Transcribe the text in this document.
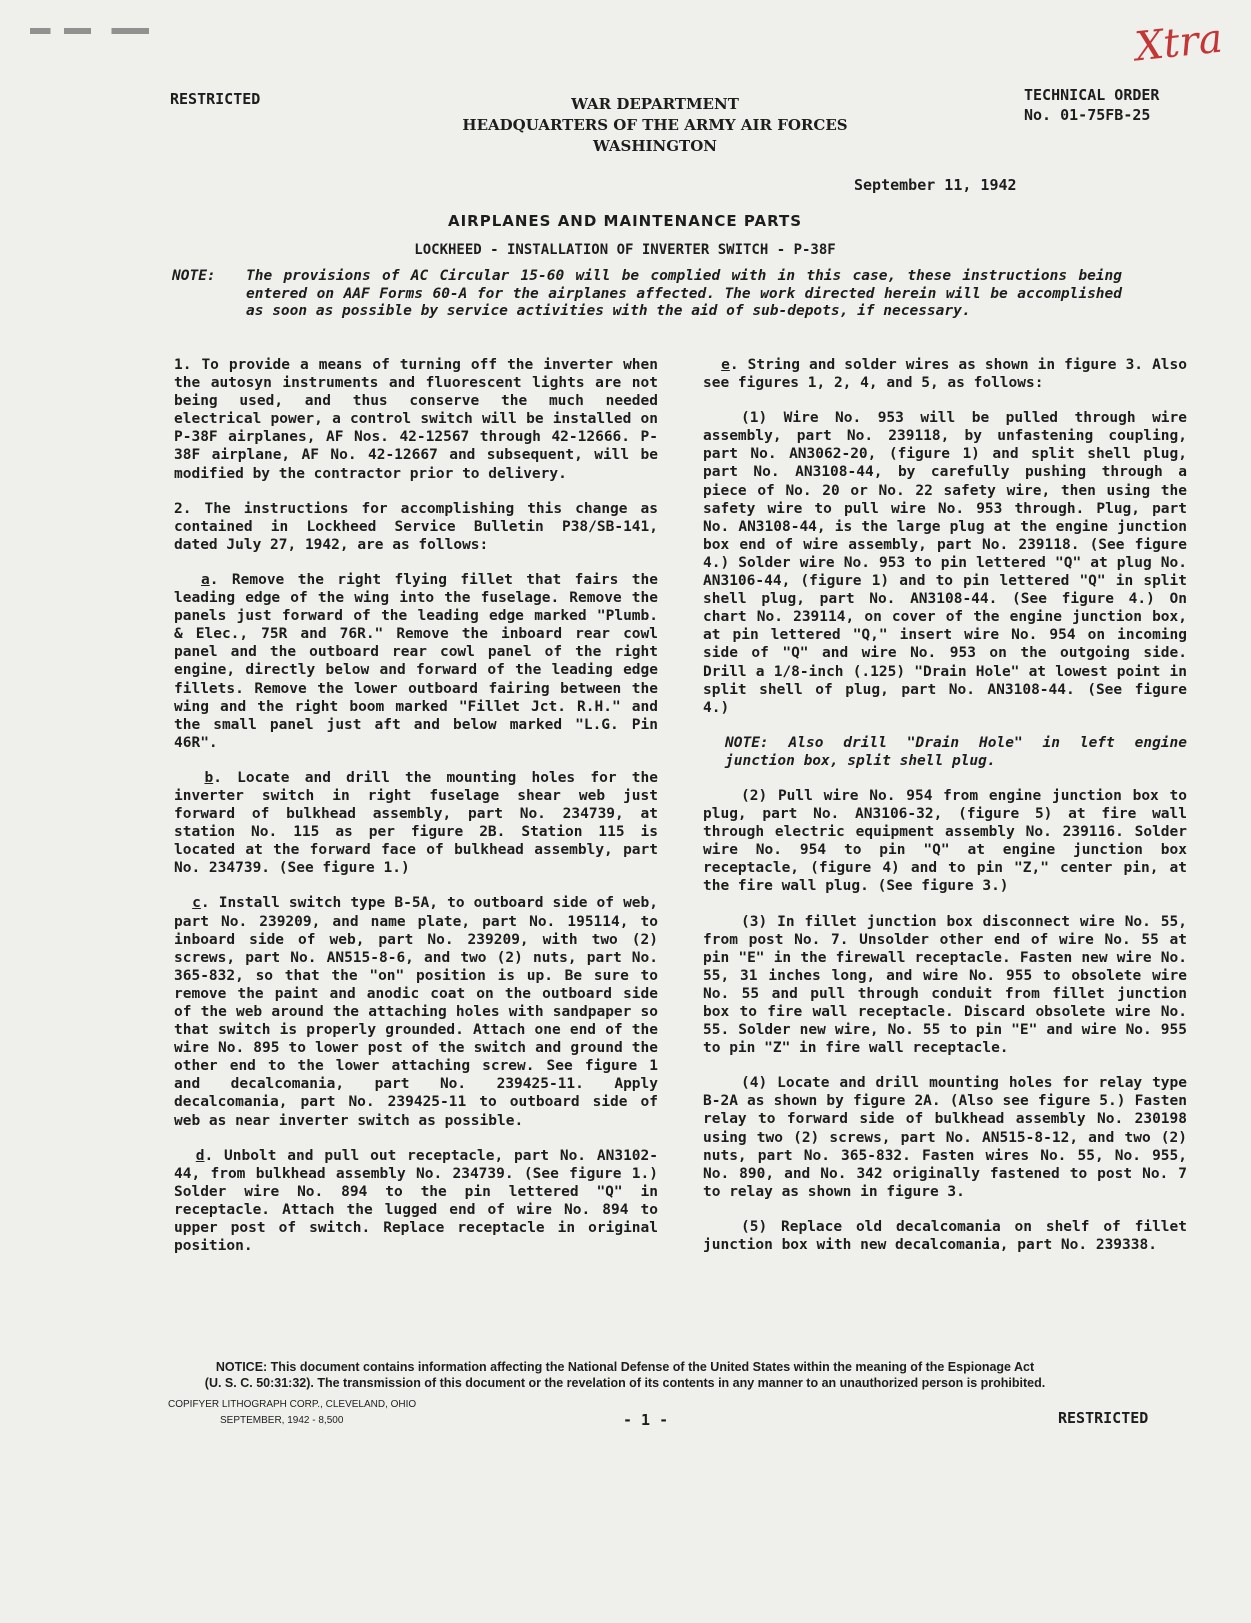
RESTRICTED	WAR DEPARTMENT
HEADQUARTERS OF THE ARMY AIR FORCES
WASHINGTON
TECHNICAL ORDER
No. 01-75FB-25
Xtra
September 11, 1942
AIRPLANES AND MAINTENANCE PARTS
LOCKHEED - INSTALLATION OF INVERTER SWITCH - P-38F
NOTE: The provisions of AC Circular 15-60 will be complied with in this case, these instructions being entered on AAF Forms 60-A for the airplanes affected. The work directed herein will be accomplished as soon as possible by service activities with the aid of sub-depots, if necessary.

1. To provide a means of turning off the inverter when the autosyn instruments and fluorescent lights are not being used, and thus conserve the much needed electrical power, a control switch will be installed on P-38F airplanes, AF Nos. 42-12567 through 42-12666. P-38F airplane, AF No. 42-12667 and subsequent, will be modified by the contractor prior to delivery.

2. The instructions for accomplishing this change as contained in Lockheed Service Bulletin P38/SB-141, dated July 27, 1942, are as follows:

a. Remove the right flying fillet that fairs the leading edge of the wing into the fuselage. Remove the panels just forward of the leading edge marked "Plumb. & Elec., 75R and 76R." Remove the inboard rear cowl panel and the outboard rear cowl panel of the right engine, directly below and forward of the leading edge fillets. Remove the lower outboard fairing between the wing and the right boom marked "Fillet Jct. R.H." and the small panel just aft and below marked "L.G. Pin 46R".

b. Locate and drill the mounting holes for the inverter switch in right fuselage shear web just forward of bulkhead assembly, part No. 234739, at station No. 115 as per figure 2B. Station 115 is located at the forward face of bulkhead assembly, part No. 234739. (See figure 1.)

c. Install switch type B-5A, to outboard side of web, part No. 239209, and name plate, part No. 195114, to inboard side of web, part No. 239209, with two (2) screws, part No. AN515-8-6, and two (2) nuts, part No. 365-832, so that the "on" position is up. Be sure to remove the paint and anodic coat on the outboard side of the web around the attaching holes with sandpaper so that switch is properly grounded. Attach one end of the wire No. 895 to lower post of the switch and ground the other end to the lower attaching screw. See figure 1 and decalcomania, part No. 239425-11. Apply decalcomania, part No. 239425-11 to outboard side of web as near inverter switch as possible.

d. Unbolt and pull out receptacle, part No. AN3102-44, from bulkhead assembly No. 234739. (See figure 1.) Solder wire No. 894 to the pin lettered "Q" in receptacle. Attach the lugged end of wire No. 894 to upper post of switch. Replace receptacle in original position.

e. String and solder wires as shown in figure 3. Also see figures 1, 2, 4, and 5, as follows:

(1) Wire No. 953 will be pulled through wire assembly, part No. 239118, by unfastening coupling, part No. AN3062-20, (figure 1) and split shell plug, part No. AN3108-44, by carefully pushing through a piece of No. 20 or No. 22 safety wire, then using the safety wire to pull wire No. 953 through. Plug, part No. AN3108-44, is the large plug at the engine junction box end of wire assembly, part No. 239118. (See figure 4.) Solder wire No. 953 to pin lettered "Q" at plug No. AN3106-44, (figure 1) and to pin lettered "Q" in split shell plug, part No. AN3108-44. (See figure 4.) On chart No. 239114, on cover of the engine junction box, at pin lettered "Q," insert wire No. 954 on incoming side of "Q" and wire No. 953 on the outgoing side. Drill a 1/8-inch (.125) "Drain Hole" at lowest point in split shell of plug, part No. AN3108-44. (See figure 4.)

NOTE: Also drill "Drain Hole" in left engine junction box, split shell plug.

(2) Pull wire No. 954 from engine junction box to plug, part No. AN3106-32, (figure 5) at fire wall through electric equipment assembly No. 239116. Solder wire No. 954 to pin "Q" at engine junction box receptacle, (figure 4) and to pin "Z," center pin, at the fire wall plug. (See figure 3.)

(3) In fillet junction box disconnect wire No. 55, from post No. 7. Unsolder other end of wire No. 55 at pin "E" in the firewall receptacle. Fasten new wire No. 55, 31 inches long, and wire No. 955 to obsolete wire No. 55 and pull through conduit from fillet junction box to fire wall receptacle. Discard obsolete wire No. 55. Solder new wire, No. 55 to pin "E" and wire No. 955 to pin "Z" in fire wall receptacle.

(4) Locate and drill mounting holes for relay type B-2A as shown by figure 2A. (Also see figure 5.) Fasten relay to forward side of bulkhead assembly No. 230198 using two (2) screws, part No. AN515-8-12, and two (2) nuts, part No. 365-832. Fasten wires No. 55, No. 955, No. 890, and No. 342 originally fastened to post No. 7 to relay as shown in figure 3.

(5) Replace old decalcomania on shelf of fillet junction box with new decalcomania, part No. 239338.

NOTICE: This document contains information affecting the National Defense of the United States within the meaning of the Espionage Act
(U. S. C. 50:31:32). The transmission of this document or the revelation of its contents in any manner to an unauthorized person is prohibited.
COPIFYER LITHOGRAPH CORP., CLEVELAND, OHIO
SEPTEMBER, 1942 - 8,500	- 1 -	RESTRICTED
